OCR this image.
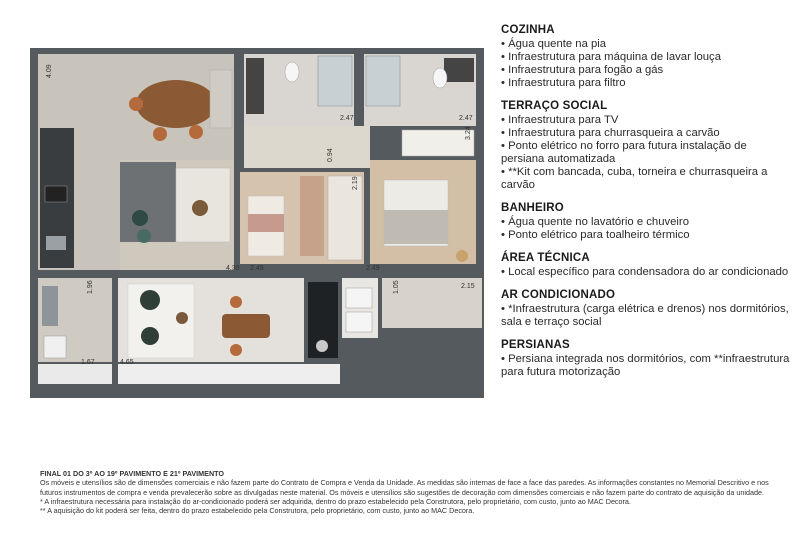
4.09
2.47	2.47
3.24
0.94
2.19
4.39 2.49	2.49
1.96	1.05	2.15
1.67	4.65
COZINHA
• Água quente na pia
• Infraestrutura para máquina de lavar louça
• Infraestrutura para fogão a gás
• Infraestrutura para filtro
TERRAÇO SOCIAL
• Infraestrutura para TV
• Infraestrutura para churrasqueira a carvão
• Ponto elétrico no forro para futura instalação de persiana automatizada
• **Kit com bancada, cuba, torneira e churrasqueira a carvão
BANHEIRO
• Água quente no lavatório e chuveiro
• Ponto elétrico para toalheiro térmico
ÁREA TÉCNICA
• Local específico para condensadora do ar condicionado
AR CONDICIONADO
• *Infraestrutura (carga elétrica e drenos) nos dormitórios, sala e terraço social
PERSIANAS
• Persiana integrada nos dormitórios, com **infraestrutura para futura motorização

FINAL 01 DO 3º AO 19º PAVIMENTO E 21º PAVIMENTO

Os móveis e utensílios são de dimensões comerciais e não fazem parte do Contrato de Compra e Venda da Unidade. As medidas são internas de face a face das paredes. As informações constantes no Memorial Descritivo e nos futuros instrumentos de compra e venda prevalecerão sobre as divulgadas neste material. Os móveis e utensílios são sugestões de decoração com dimensões comerciais e não fazem parte do contrato de aquisição da unidade.

* A infraestrutura necessária para instalação do ar-condicionado poderá ser adquirida, dentro do prazo estabelecido pela Construtora, pelo proprietário, com custo, junto ao MAC Decora.

** A aquisição do kit poderá ser feita, dentro do prazo estabelecido pela Construtora, pelo proprietário, com custo, junto ao MAC Decora.
